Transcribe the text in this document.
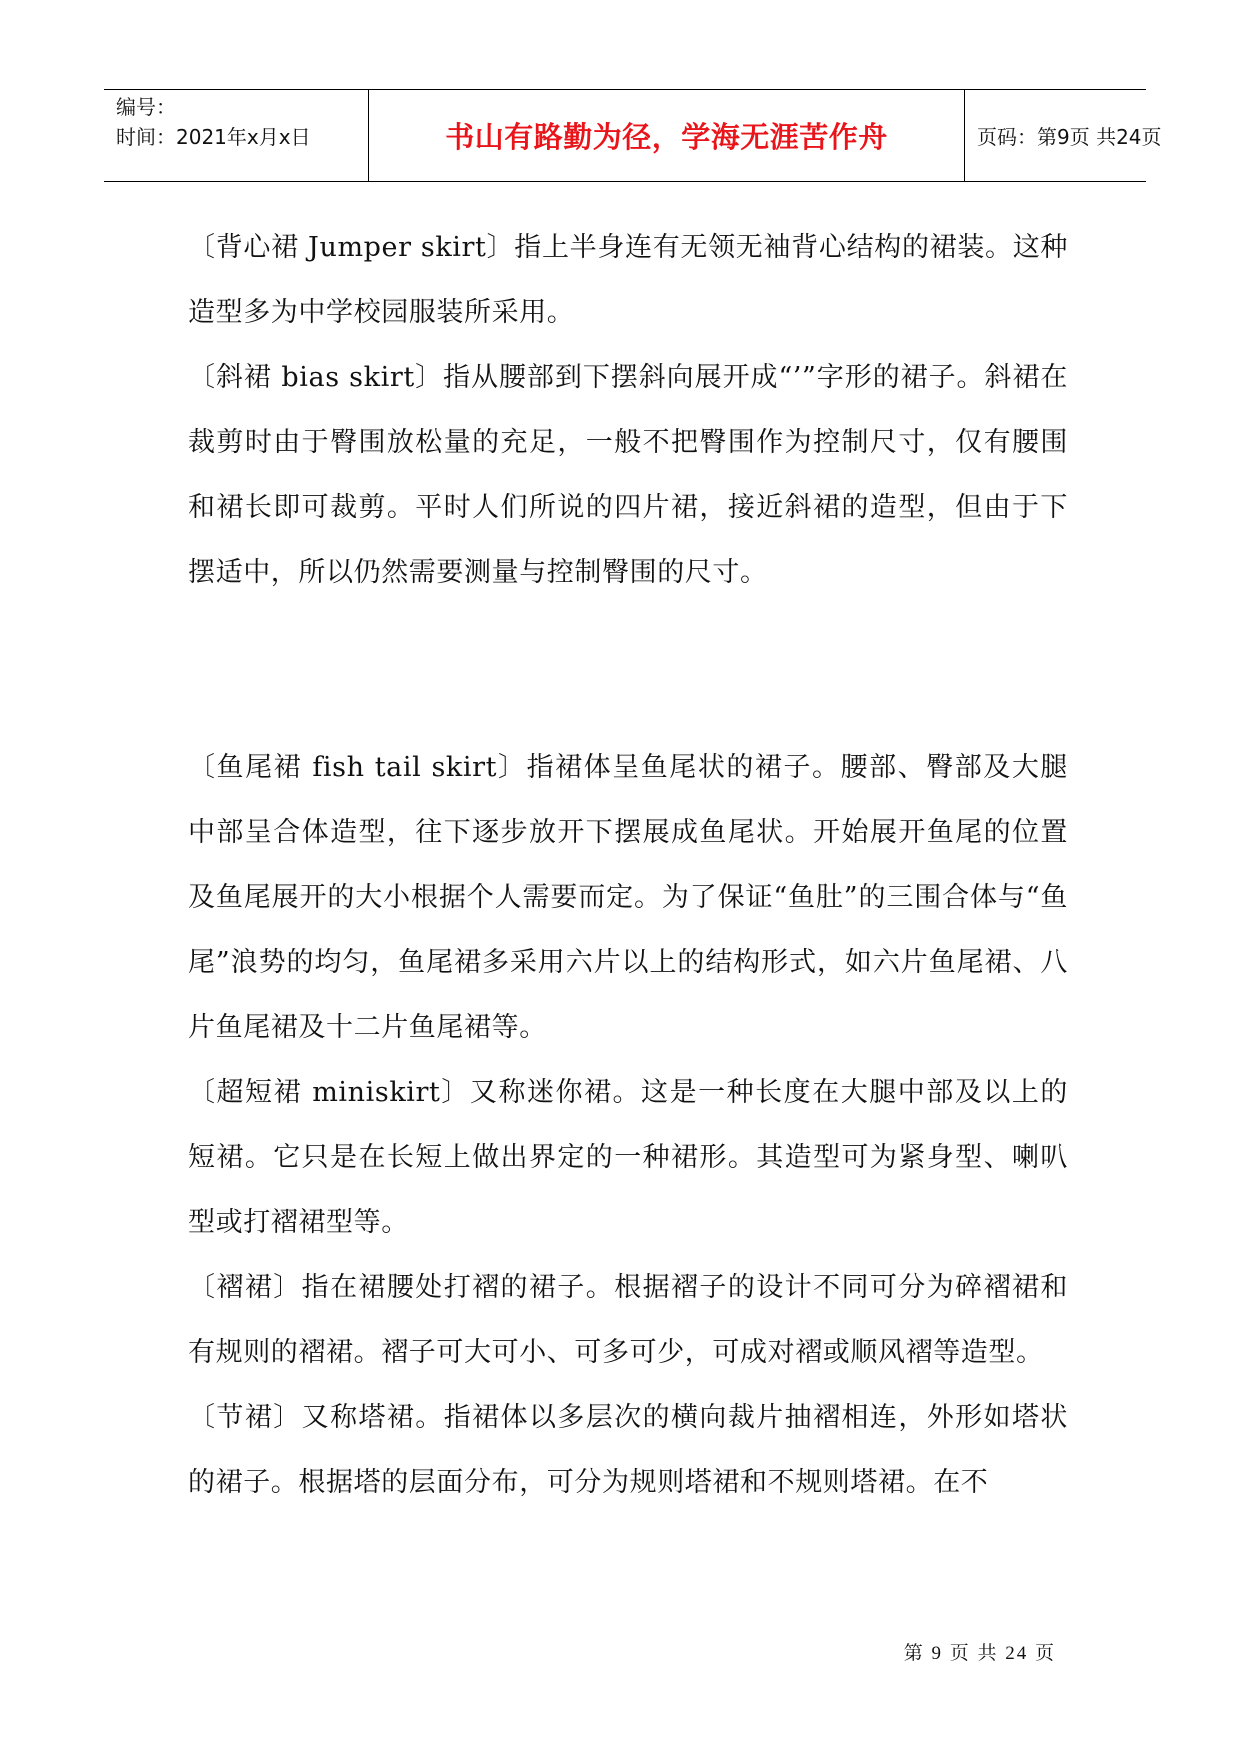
编号：
时间：2021年x月x日	书山有路勤为径，学海无涯苦作舟	页码：第9页 共24页

〔背心裙 Jumper skirt〕指上半身连有无领无袖背心结构的裙装。这种造型多为中学校园服装所采用。

〔斜裙 bias skirt〕指从腰部到下摆斜向展开成“’”字形的裙子。斜裙在裁剪时由于臀围放松量的充足，一般不把臀围作为控制尺寸，仅有腰围和裙长即可裁剪。平时人们所说的四片裙，接近斜裙的造型，但由于下摆适中，所以仍然需要测量与控制臀围的尺寸。

〔鱼尾裙 fish tail skirt〕指裙体呈鱼尾状的裙子。腰部、臀部及大腿中部呈合体造型，往下逐步放开下摆展成鱼尾状。开始展开鱼尾的位置及鱼尾展开的大小根据个人需要而定。为了保证“鱼肚”的三围合体与“鱼尾”浪势的均匀，鱼尾裙多采用六片以上的结构形式，如六片鱼尾裙、八片鱼尾裙及十二片鱼尾裙等。

〔超短裙 miniskirt〕又称迷你裙。这是一种长度在大腿中部及以上的短裙。它只是在长短上做出界定的一种裙形。其造型可为紧身型、喇叭型或打褶裙型等。

〔褶裙〕指在裙腰处打褶的裙子。根据褶子的设计不同可分为碎褶裙和有规则的褶裙。褶子可大可小、可多可少，可成对褶或顺风褶等造型。

〔节裙〕又称塔裙。指裙体以多层次的横向裁片抽褶相连，外形如塔状的裙子。根据塔的层面分布，可分为规则塔裙和不规则塔裙。在不

第 9 页 共 24 页
